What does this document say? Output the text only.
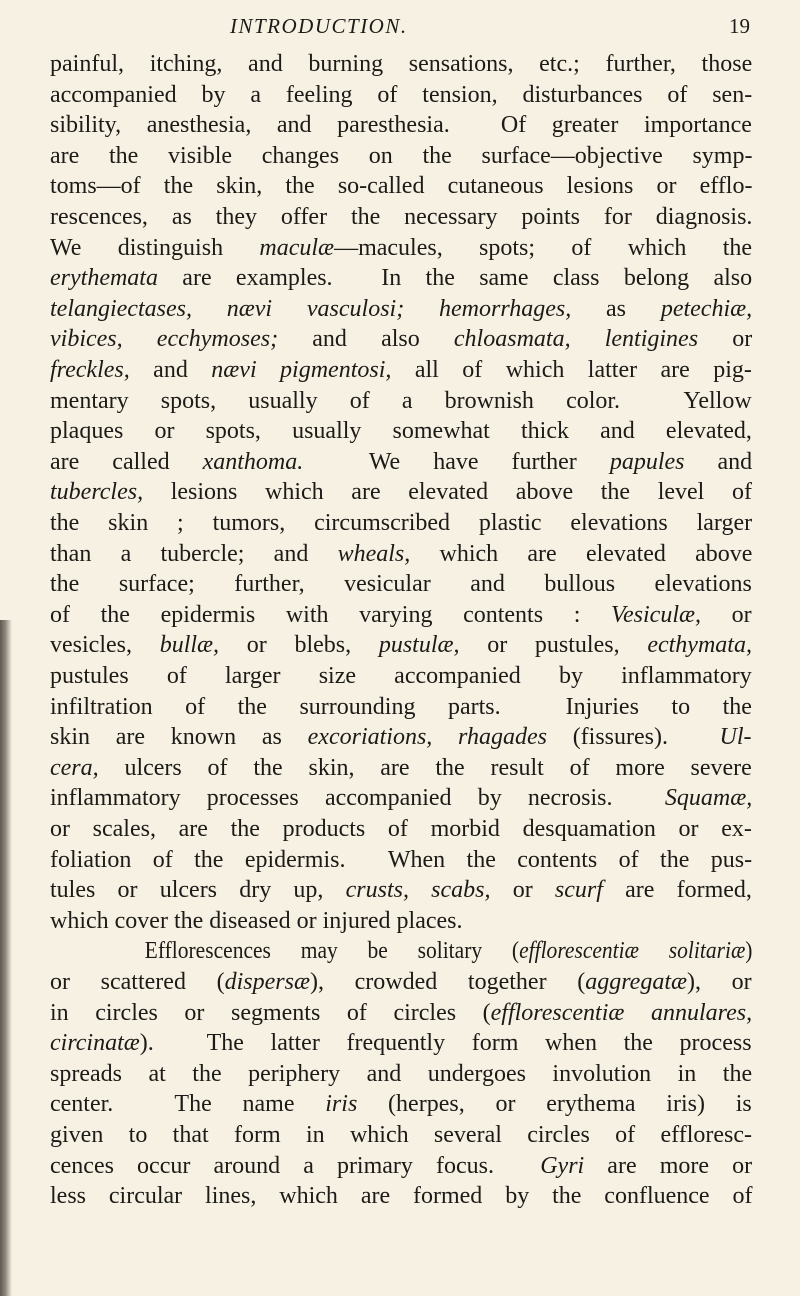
INTRODUCTION.	19
painful, itching, and burning sensations, etc.; further, those
accompanied by a feeling of tension, disturbances of sen-
sibility, anesthesia, and paresthesia.  Of greater importance
are the visible changes on the surface—objective symp-
toms—of the skin, the so-called cutaneous lesions or efflo-
rescences, as they offer the necessary points for diagnosis.
We distinguish maculæ—macules, spots; of which the
erythemata are examples.  In the same class belong also
telangiectases, nævi vasculosi; hemorrhages, as petechiæ,
vibices, ecchymoses; and also chloasmata, lentigines or
freckles, and nævi pigmentosi, all of which latter are pig-
mentary spots, usually of a brownish color.  Yellow
plaques or spots, usually somewhat thick and elevated,
are called xanthoma.  We have further papules and
tubercles, lesions which are elevated above the level of
the skin ; tumors, circumscribed plastic elevations larger
than a tubercle; and wheals, which are elevated above
the surface; further, vesicular and bullous elevations
of the epidermis with varying contents : Vesiculæ, or
vesicles, bullæ, or blebs, pustulæ, or pustules, ecthymata,
pustules of larger size accompanied by inflammatory
infiltration of the surrounding parts.  Injuries to the
skin are known as excoriations, rhagades (fissures).  Ul-
cera, ulcers of the skin, are the result of more severe
inflammatory processes accompanied by necrosis.  Squamæ,
or scales, are the products of morbid desquamation or ex-
foliation of the epidermis.  When the contents of the pus-
tules or ulcers dry up, crusts, scabs, or scurf are formed,
which cover the diseased or injured places.
Efflorescences may be solitary (efflorescentiæ solitariæ)
or scattered (dispersæ), crowded together (aggregatæ), or
in circles or segments of circles (efflorescentiæ annulares,
circinatæ).  The latter frequently form when the process
spreads at the periphery and undergoes involution in the
center.  The name iris (herpes, or erythema iris) is
given to that form in which several circles of effloresc-
cences occur around a primary focus.  Gyri are more or
less circular lines, which are formed by the confluence of
